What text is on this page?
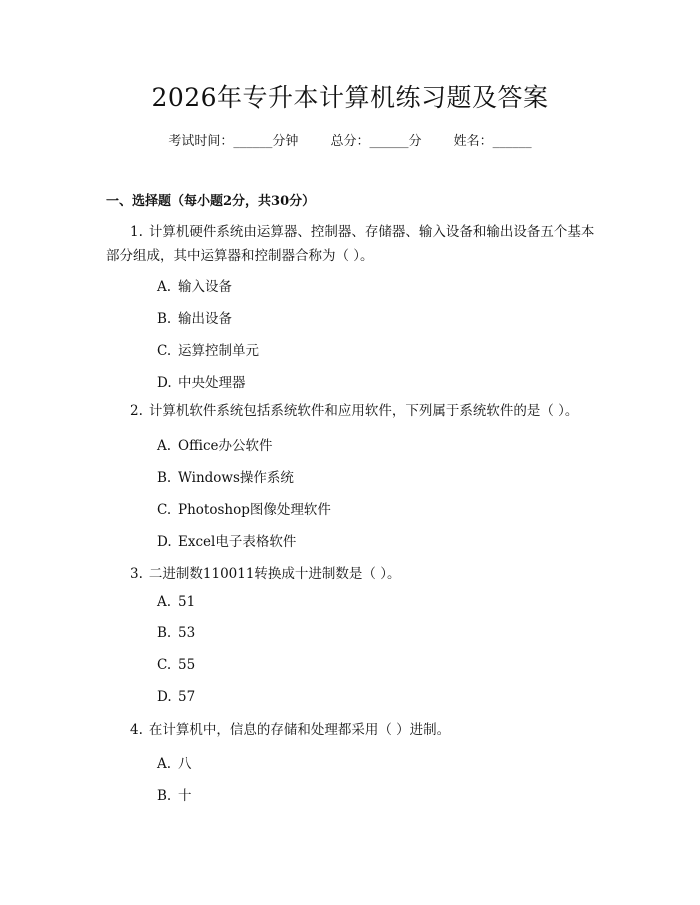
2026年专升本计算机练习题及答案
考试时间：______分钟 总分：______分 姓名：______
一、选择题（每小题2分，共30分）
1. 计算机硬件系统由运算器、控制器、存储器、输入设备和输出设备五个基本部分组成，其中运算器和控制器合称为（ ）。
A. 输入设备
B. 输出设备
C. 运算控制单元
D. 中央处理器
2. 计算机软件系统包括系统软件和应用软件，下列属于系统软件的是（ ）。
A. Office办公软件
B. Windows操作系统
C. Photoshop图像处理软件
D. Excel电子表格软件
3. 二进制数110011转换成十进制数是（ ）。
A. 51
B. 53
C. 55
D. 57
4. 在计算机中，信息的存储和处理都采用（ ）进制。
A. 八
B. 十
